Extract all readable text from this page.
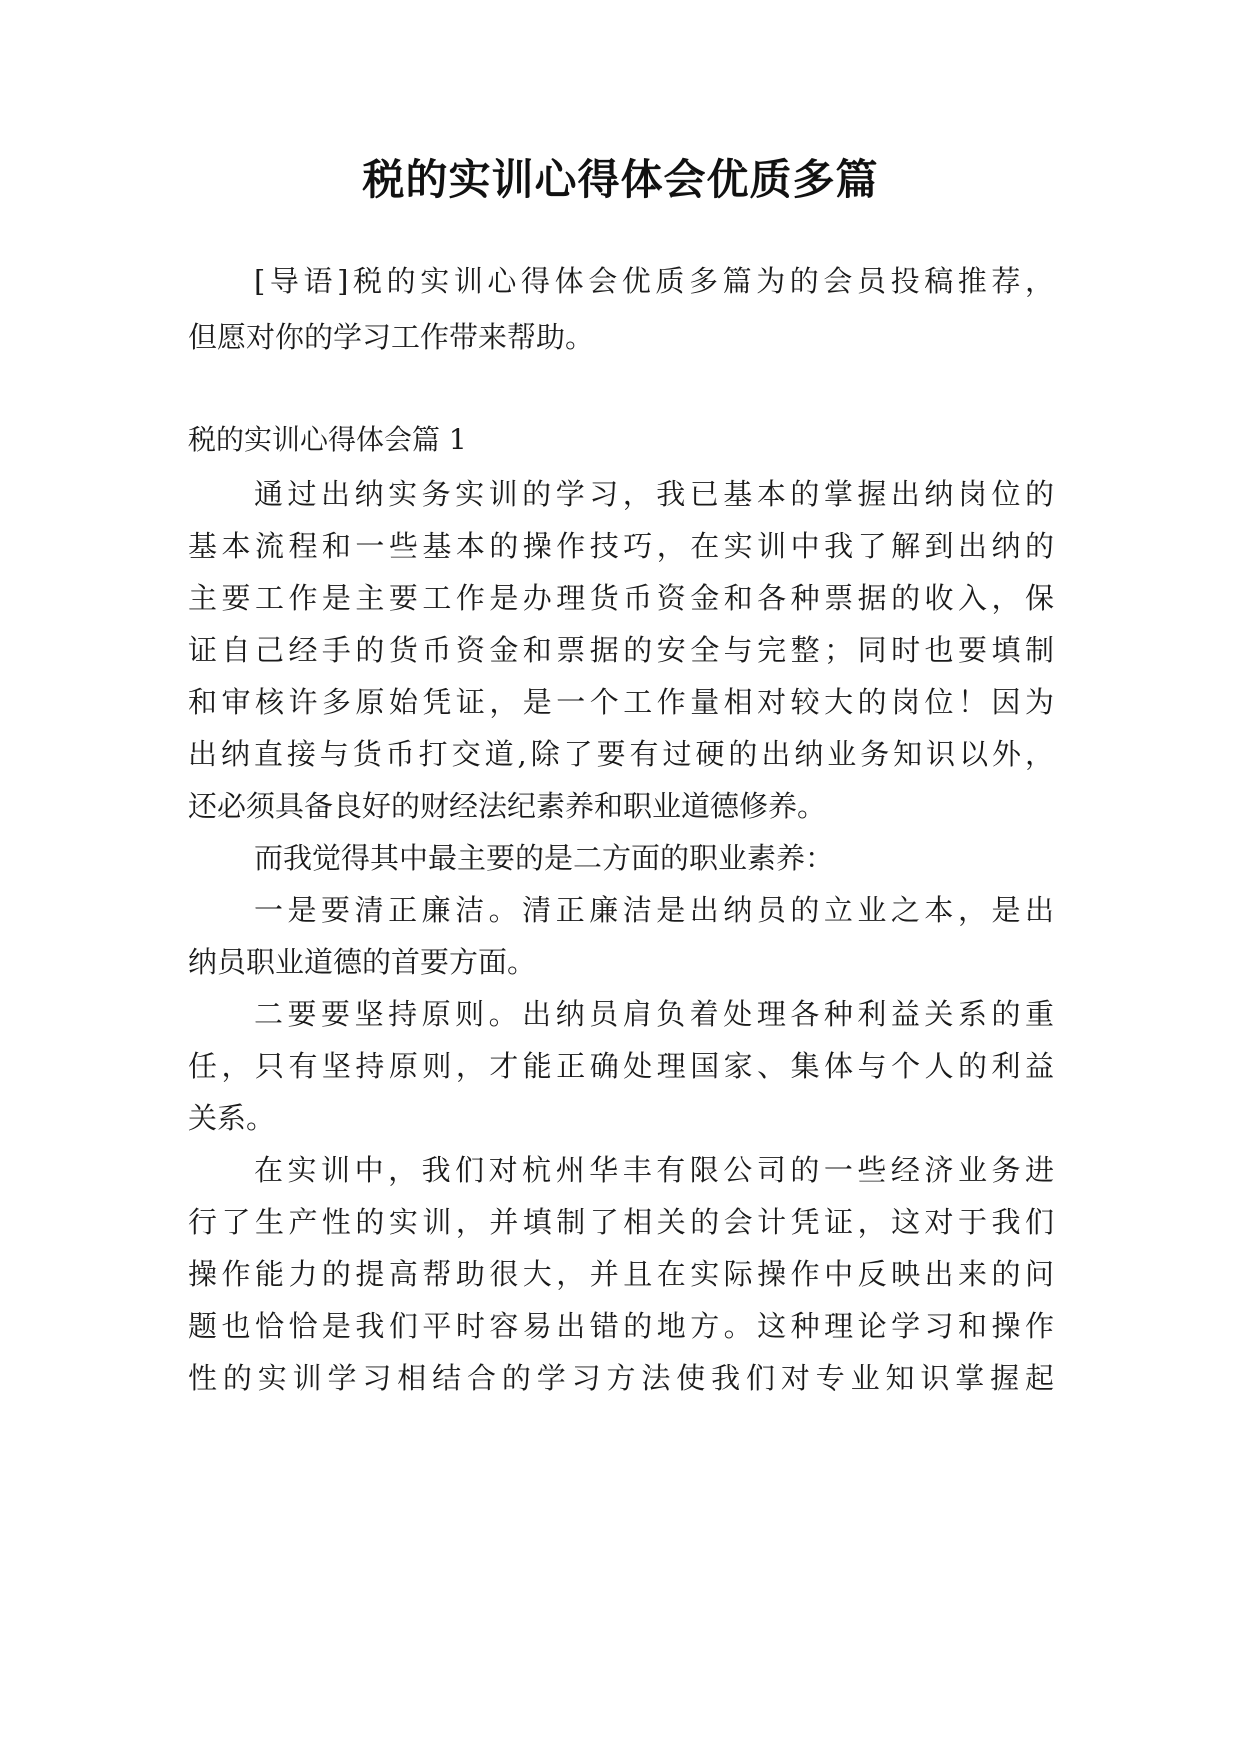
税的实训心得体会优质多篇
[导语]税的实训心得体会优质多篇为的会员投稿推荐，
但愿对你的学习工作带来帮助。
税的实训心得体会篇 1
通过出纳实务实训的学习，我已基本的掌握出纳岗位的
基本流程和一些基本的操作技巧，在实训中我了解到出纳的
主要工作是主要工作是办理货币资金和各种票据的收入，保
证自己经手的货币资金和票据的安全与完整；同时也要填制
和审核许多原始凭证，是一个工作量相对较大的岗位！因为
出纳直接与货币打交道,除了要有过硬的出纳业务知识以外，
还必须具备良好的财经法纪素养和职业道德修养。
而我觉得其中最主要的是二方面的职业素养：
一是要清正廉洁。清正廉洁是出纳员的立业之本，是出
纳员职业道德的首要方面。
二要要坚持原则。出纳员肩负着处理各种利益关系的重
任，只有坚持原则，才能正确处理国家、集体与个人的利益
关系。
在实训中，我们对杭州华丰有限公司的一些经济业务进
行了生产性的实训，并填制了相关的会计凭证，这对于我们
操作能力的提高帮助很大，并且在实际操作中反映出来的问
题也恰恰是我们平时容易出错的地方。这种理论学习和操作
性的实训学习相结合的学习方法使我们对专业知识掌握起
